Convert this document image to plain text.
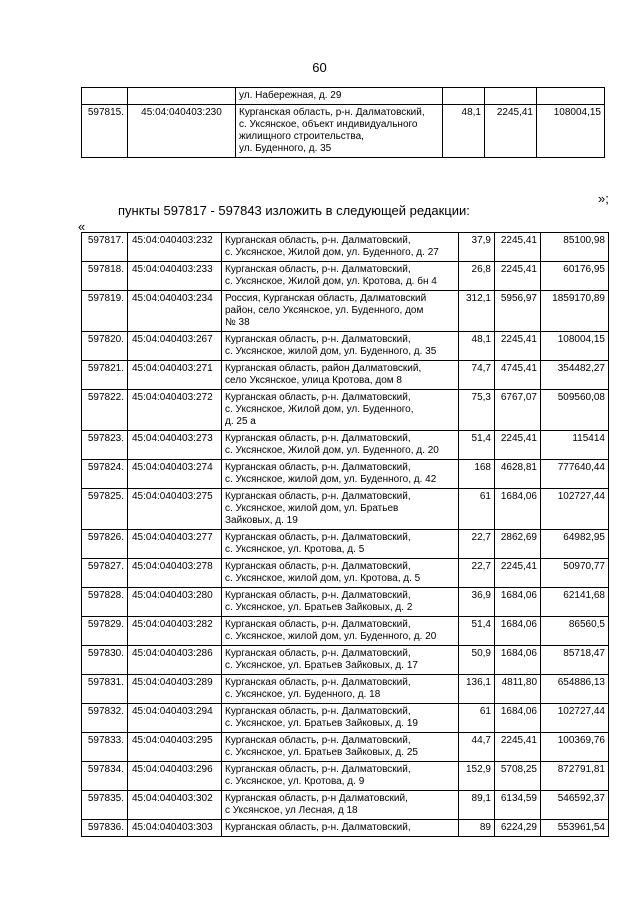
60

		ул. Набережная, д. 29			

597815.	45:04:040403:230	Курганская область, р-н. Далматовский,
с. Уксянское, объект индивидуального
жилищного строительства,
ул. Буденного, д. 35	48,1	2245,41	108004,15
»;
пункты 597817 - 597843 изложить в следующей редакции:
«
597817.	45:04:040403:232	Курганская область, р-н. Далматовский,
с. Уксянское, Жилой дом, ул. Буденного, д. 27	37,9	2245,41	85100,98
597818.	45:04:040403:233	Курганская область, р-н. Далматовский,
с. Уксянское, Жилой дом, ул. Кротова, д. бн 4	26,8	2245,41	60176,95
597819.	45:04:040403:234	Россия, Курганская область, Далматовский
район, село Уксянское, ул. Буденного, дом
№ 38	312,1	5956,97	1859170,89
597820.	45:04:040403:267	Курганская область, р-н. Далматовский,
с. Уксянское, жилой дом, ул. Буденного, д. 35	48,1	2245,41	108004,15
597821.	45:04:040403:271	Курганская область, район Далматовский,
село Уксянское, улица Кротова, дом 8	74,7	4745,41	354482,27
597822.	45:04:040403:272	Курганская область, р-н. Далматовский,
с. Уксянское, Жилой дом, ул. Буденного,
д. 25 а	75,3	6767,07	509560,08
597823.	45:04:040403:273	Курганская область, р-н. Далматовский,
с. Уксянское, Жилой дом, ул. Буденного, д. 20	51,4	2245,41	115414
597824.	45:04:040403:274	Курганская область, р-н. Далматовский,
с. Уксянское, жилой дом, ул. Буденного, д. 42	168	4628,81	777640,44
597825.	45:04:040403:275	Курганская область, р-н. Далматовский,
с. Уксянское, жилой дом, ул. Братьев
Зайковых, д. 19	61	1684,06	102727,44
597826.	45:04:040403:277	Курганская область, р-н. Далматовский,
с. Уксянское, ул. Кротова, д. 5	22,7	2862,69	64982,95
597827.	45:04:040403:278	Курганская область, р-н. Далматовский,
с. Уксянское, жилой дом, ул. Кротова, д. 5	22,7	2245,41	50970,77
597828.	45:04:040403:280	Курганская область, р-н. Далматовский,
с. Уксянское, ул. Братьев Зайковых, д. 2	36,9	1684,06	62141,68
597829.	45:04:040403:282	Курганская область, р-н. Далматовский,
с. Уксянское, жилой дом, ул. Буденного, д. 20	51,4	1684,06	86560,5
597830.	45:04:040403:286	Курганская область, р-н. Далматовский,
с. Уксянское, ул. Братьев Зайковых, д. 17	50,9	1684,06	85718,47
597831.	45:04:040403:289	Курганская область, р-н. Далматовский,
с. Уксянское, ул. Буденного, д. 18	136,1	4811,80	654886,13
597832.	45:04:040403:294	Курганская область, р-н. Далматовский,
с. Уксянское, ул. Братьев Зайковых, д. 19	61	1684,06	102727,44
597833.	45:04:040403:295	Курганская область, р-н. Далматовский,
с. Уксянское, ул. Братьев Зайковых, д. 25	44,7	2245,41	100369,76
597834.	45:04:040403:296	Курганская область, р-н. Далматовский,
с. Уксянское, ул. Кротова, д. 9	152,9	5708,25	872791,81
597835.	45:04:040403:302	Курганская область, р-н Далматовский,
с Уксянское, ул Лесная, д 18	89,1	6134,59	546592,37
597836.	45:04:040403:303	Курганская область, р-н. Далматовский,	89	6224,29	553961,54
